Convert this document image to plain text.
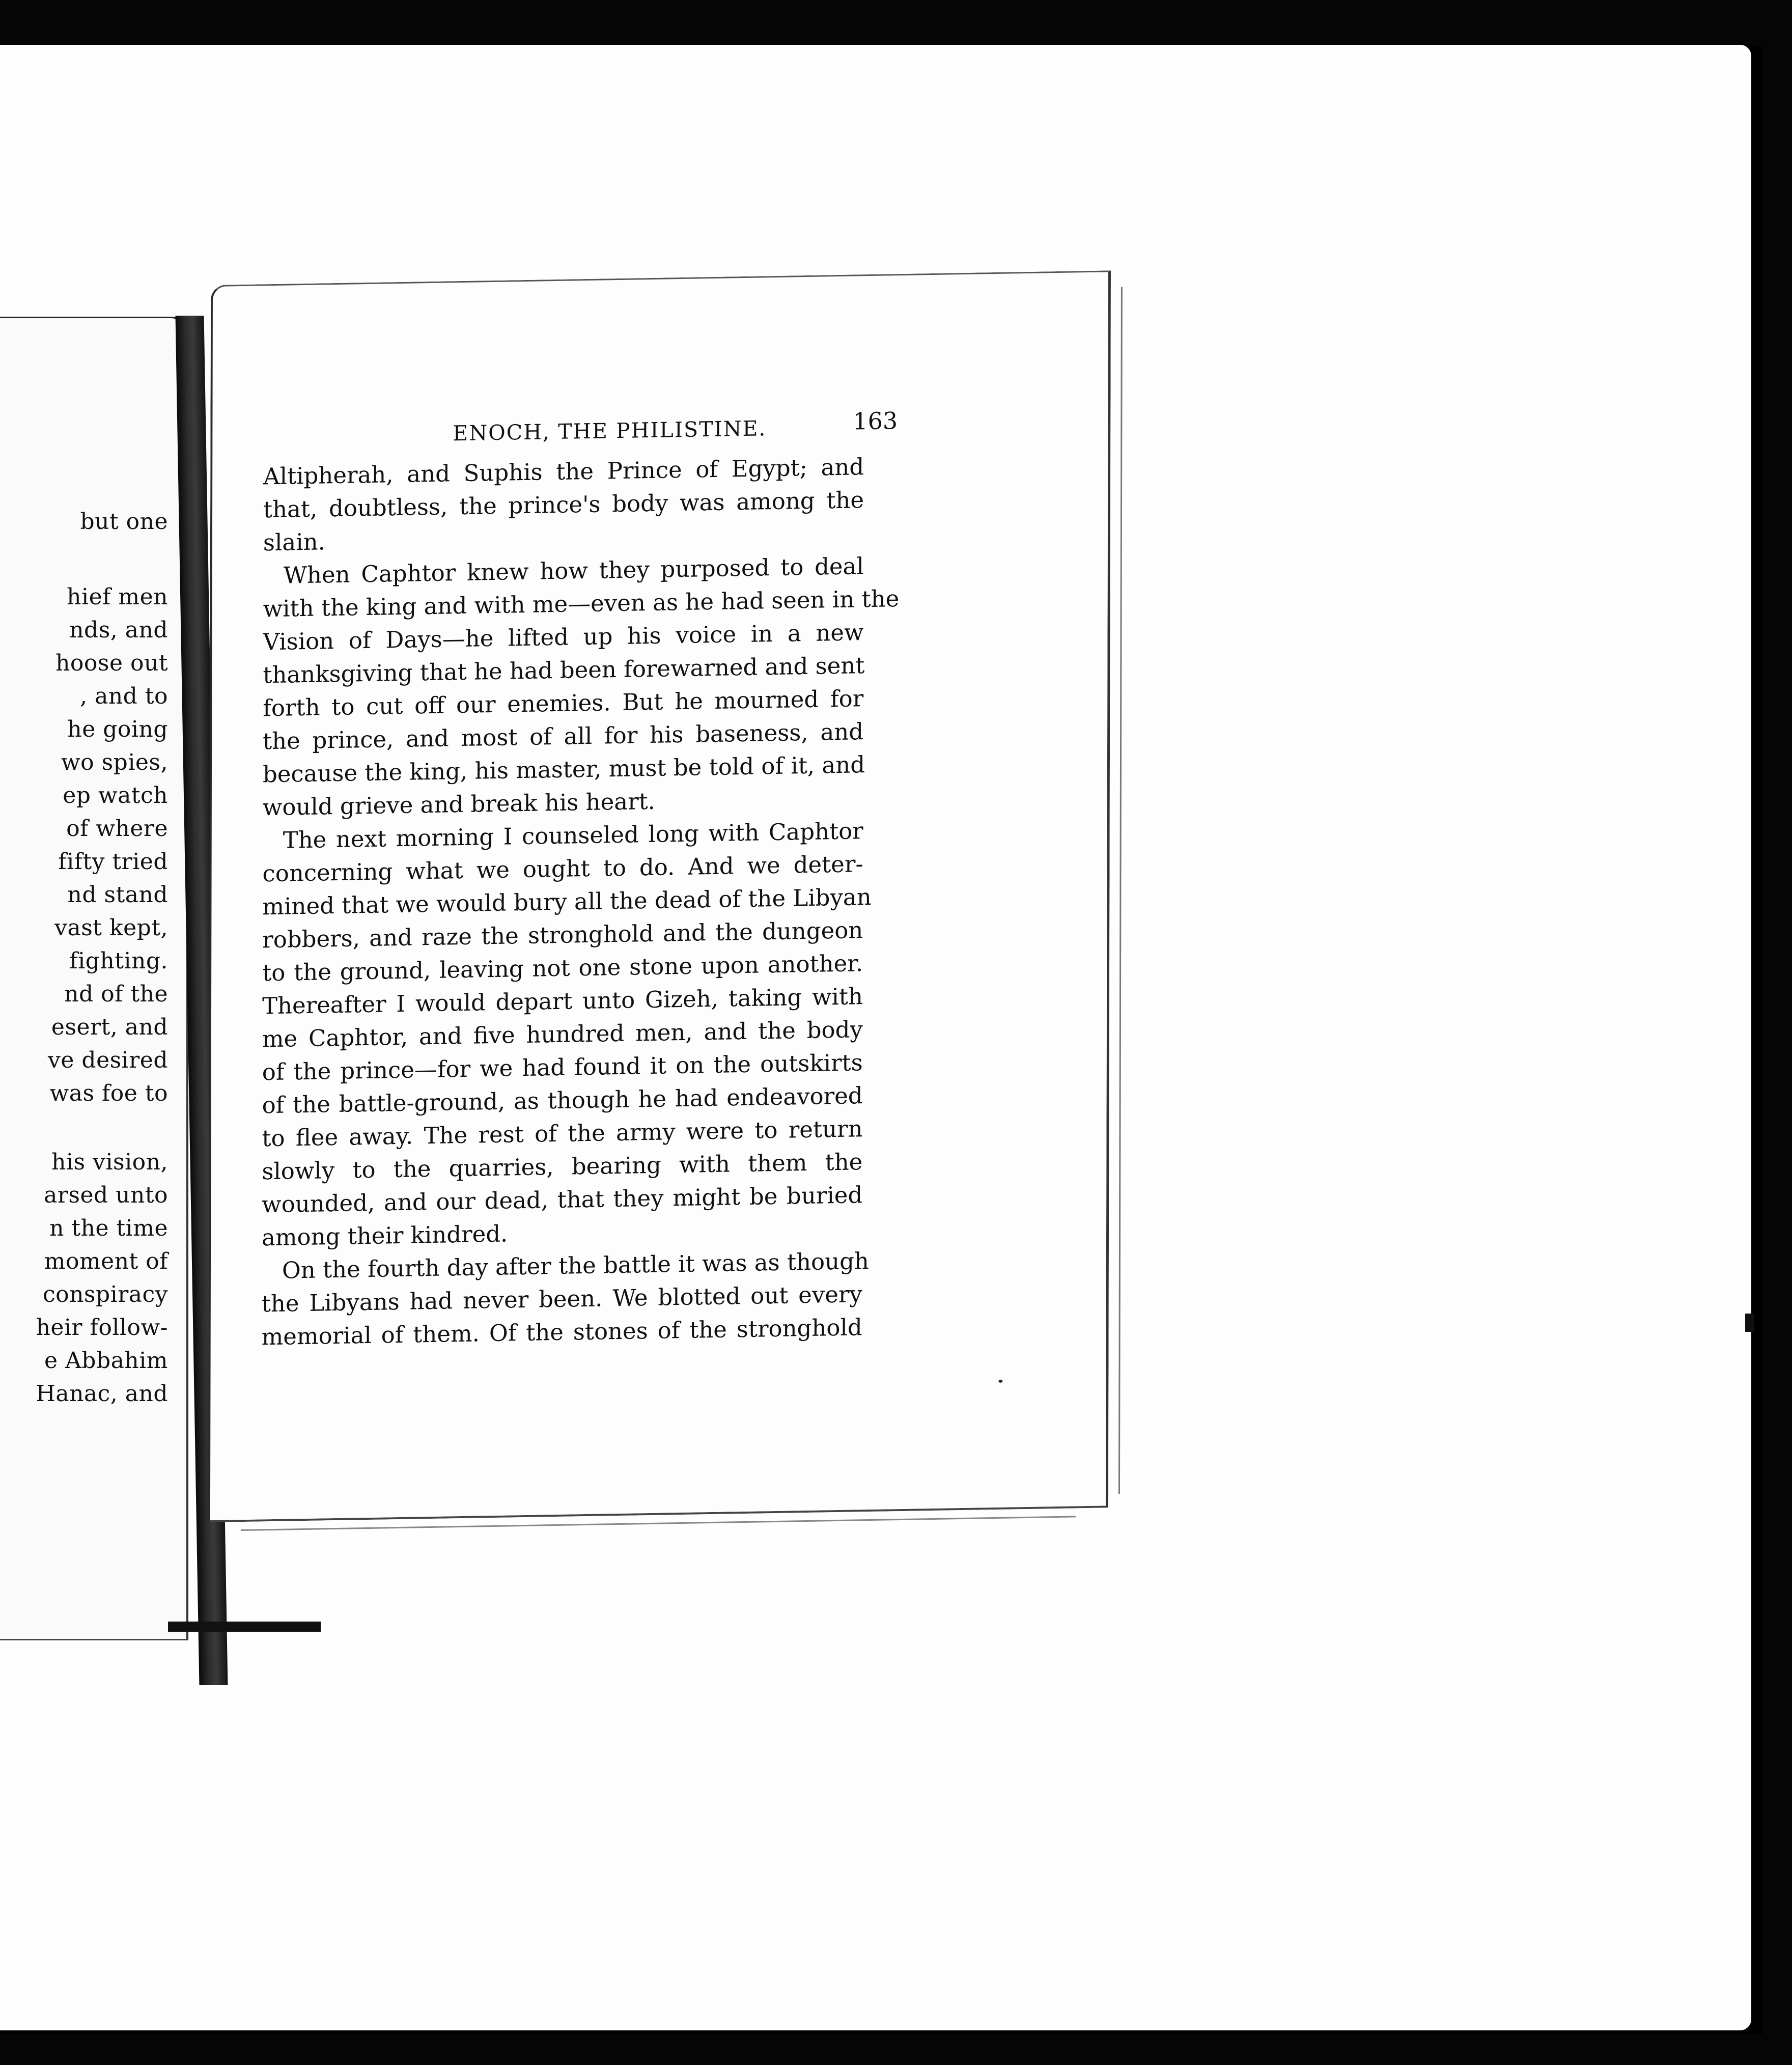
but one
hief men
nds, and
hoose out
, and to
he going
wo spies,
ep watch
of where
fifty tried
nd stand
vast kept,
fighting.
nd of the
esert, and
ve desired
was foe to
his vision,
arsed unto
n the time
moment of
conspiracy
heir follow-
e Abbahim
Hanac, and
ENOCH, THE PHILISTINE.	163
Altipherah, and Suphis the Prince of Egypt; and
that, doubtless, the prince's body was among the
slain.
When Caphtor knew how they purposed to deal
with the king and with me—even as he had seen in the
Vision of Days—he lifted up his voice in a new
thanksgiving that he had been forewarned and sent
forth to cut off our enemies. But he mourned for
the prince, and most of all for his baseness, and
because the king, his master, must be told of it, and
would grieve and break his heart.
The next morning I counseled long with Caphtor
concerning what we ought to do. And we deter-
mined that we would bury all the dead of the Libyan
robbers, and raze the stronghold and the dungeon
to the ground, leaving not one stone upon another.
Thereafter I would depart unto Gizeh, taking with
me Caphtor, and five hundred men, and the body
of the prince—for we had found it on the outskirts
of the battle-ground, as though he had endeavored
to flee away. The rest of the army were to return
slowly to the quarries, bearing with them the
wounded, and our dead, that they might be buried
among their kindred.
On the fourth day after the battle it was as though
the Libyans had never been. We blotted out every
memorial of them. Of the stones of the stronghold
